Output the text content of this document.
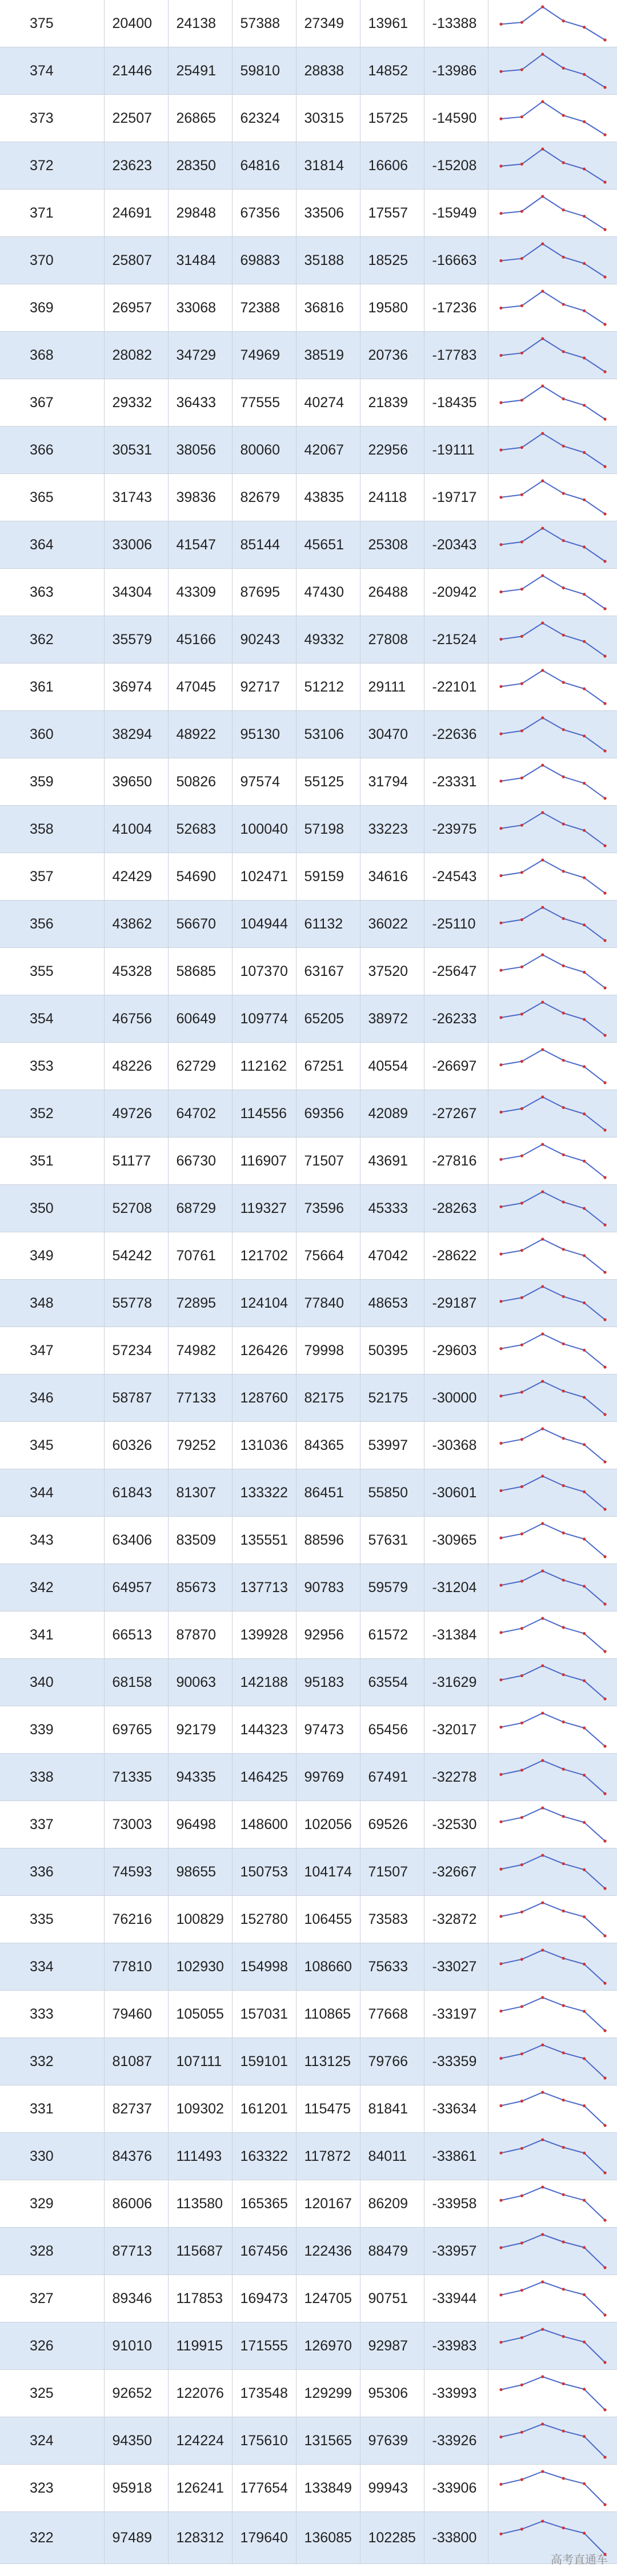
375	20400	24138	57388	27349	13961	-13388	

374	21446	25491	59810	28838	14852	-13986	

373	22507	26865	62324	30315	15725	-14590	

372	23623	28350	64816	31814	16606	-15208	

371	24691	29848	67356	33506	17557	-15949	

370	25807	31484	69883	35188	18525	-16663	

369	26957	33068	72388	36816	19580	-17236	

368	28082	34729	74969	38519	20736	-17783	

367	29332	36433	77555	40274	21839	-18435	

366	30531	38056	80060	42067	22956	-19111	

365	31743	39836	82679	43835	24118	-19717	

364	33006	41547	85144	45651	25308	-20343	

363	34304	43309	87695	47430	26488	-20942	

362	35579	45166	90243	49332	27808	-21524	

361	36974	47045	92717	51212	29111	-22101	

360	38294	48922	95130	53106	30470	-22636	

359	39650	50826	97574	55125	31794	-23331	

358	41004	52683	100040	57198	33223	-23975	

357	42429	54690	102471	59159	34616	-24543	

356	43862	56670	104944	61132	36022	-25110	

355	45328	58685	107370	63167	37520	-25647	

354	46756	60649	109774	65205	38972	-26233	

353	48226	62729	112162	67251	40554	-26697	

352	49726	64702	114556	69356	42089	-27267	

351	51177	66730	116907	71507	43691	-27816	

350	52708	68729	119327	73596	45333	-28263	

349	54242	70761	121702	75664	47042	-28622	

348	55778	72895	124104	77840	48653	-29187	

347	57234	74982	126426	79998	50395	-29603	

346	58787	77133	128760	82175	52175	-30000	

345	60326	79252	131036	84365	53997	-30368	

344	61843	81307	133322	86451	55850	-30601	

343	63406	83509	135551	88596	57631	-30965	

342	64957	85673	137713	90783	59579	-31204	

341	66513	87870	139928	92956	61572	-31384	

340	68158	90063	142188	95183	63554	-31629	

339	69765	92179	144323	97473	65456	-32017	

338	71335	94335	146425	99769	67491	-32278	

337	73003	96498	148600	102056	69526	-32530	

336	74593	98655	150753	104174	71507	-32667	

335	76216	100829	152780	106455	73583	-32872	

334	77810	102930	154998	108660	75633	-33027	

333	79460	105055	157031	110865	77668	-33197	

332	81087	107111	159101	113125	79766	-33359	

331	82737	109302	161201	115475	81841	-33634	

330	84376	111493	163322	117872	84011	-33861	

329	86006	113580	165365	120167	86209	-33958	

328	87713	115687	167456	122436	88479	-33957	

327	89346	117853	169473	124705	90751	-33944	

326	91010	119915	171555	126970	92987	-33983	

325	92652	122076	173548	129299	95306	-33993	

324	94350	124224	175610	131565	97639	-33926	

323	95918	126241	177654	133849	99943	-33906	

322	97489	128312	179640	136085	102285	-33800	
高考直通车
